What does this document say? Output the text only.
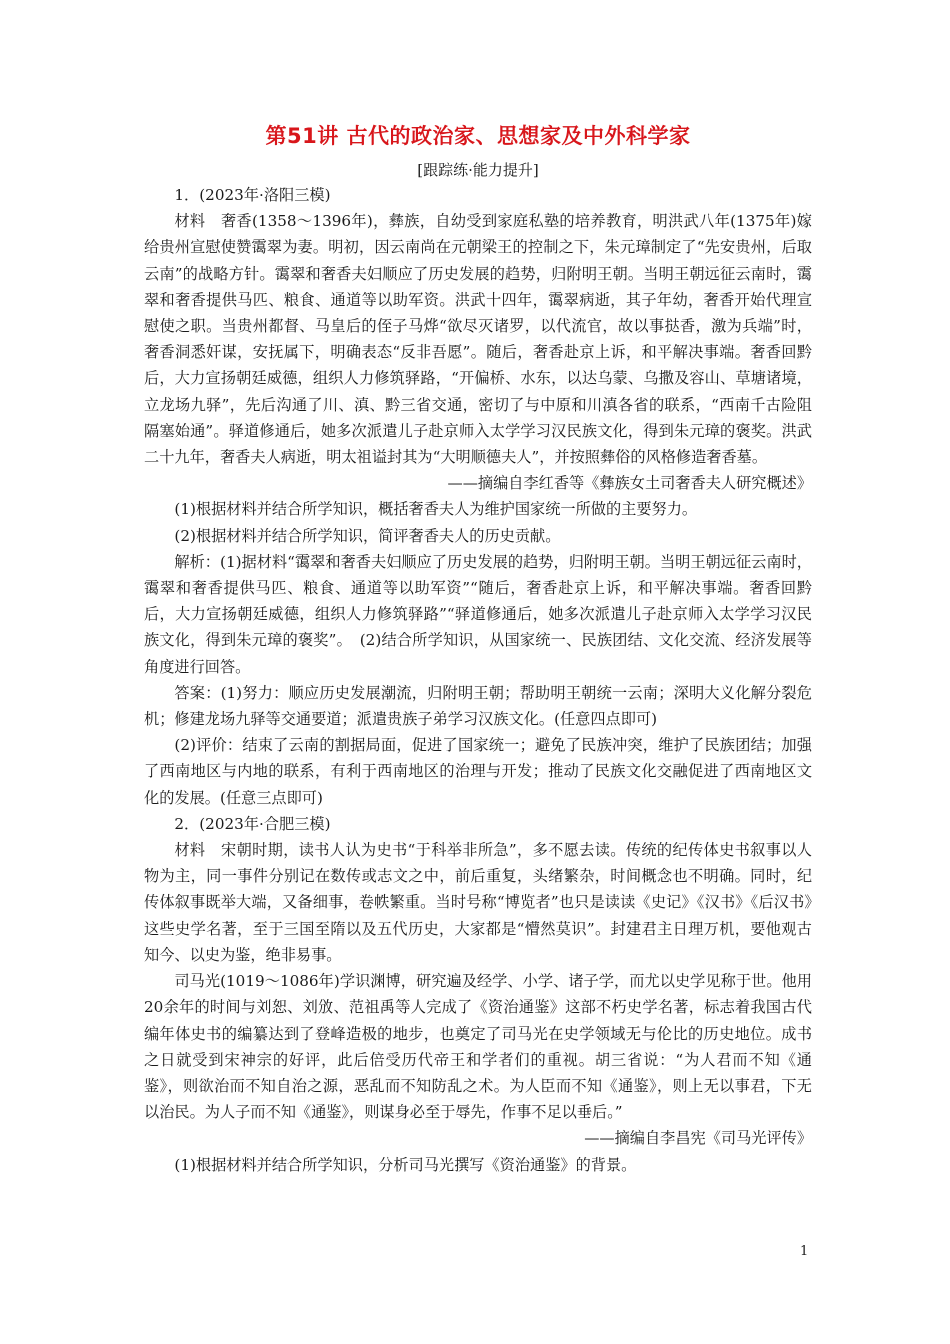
第51讲 古代的政治家、思想家及中外科学家
[跟踪练·能力提升]

1．(2023年·洛阳三模)

材料　奢香(1358～1396年)，彝族，自幼受到家庭私塾的培养教育，明洪武八年(1375年)嫁给贵州宣慰使赞霭翠为妻。明初，因云南尚在元朝梁王的控制之下，朱元璋制定了“先安贵州，后取云南”的战略方针。霭翠和奢香夫妇顺应了历史发展的趋势，归附明王朝。当明王朝远征云南时，霭翠和奢香提供马匹、粮食、通道等以助军资。洪武十四年，霭翠病逝，其子年幼，奢香开始代理宣慰使之职。当贵州都督、马皇后的侄子马烨“欲尽灭诸罗，以代流官，故以事挞香，激为兵端”时，奢香洞悉奸谋，安抚属下，明确表态“反非吾愿”。随后，奢香赴京上诉，和平解决事端。奢香回黔后，大力宣扬朝廷威德，组织人力修筑驿路，“开偏桥、水东，以达乌蒙、乌撒及容山、草塘诸境，立龙场九驿”，先后沟通了川、滇、黔三省交通，密切了与中原和川滇各省的联系，“西南千古险阻隔塞始通”。驿道修通后，她多次派遣儿子赴京师入太学学习汉民族文化，得到朱元璋的褒奖。洪武二十九年，奢香夫人病逝，明太祖谥封其为“大明顺德夫人”，并按照彝俗的风格修造奢香墓。

——摘编自李红香等《彝族女土司奢香夫人研究概述》

(1)根据材料并结合所学知识，概括奢香夫人为维护国家统一所做的主要努力。

(2)根据材料并结合所学知识，简评奢香夫人的历史贡献。

解析：(1)据材料“霭翠和奢香夫妇顺应了历史发展的趋势，归附明王朝。当明王朝远征云南时，霭翠和奢香提供马匹、粮食、通道等以助军资”“随后，奢香赴京上诉，和平解决事端。奢香回黔后，大力宣扬朝廷威德，组织人力修筑驿路”“驿道修通后，她多次派遣儿子赴京师入太学学习汉民族文化，得到朱元璋的褒奖”。　(2)结合所学知识，从国家统一、民族团结、文化交流、经济发展等角度进行回答。

答案：(1)努力：顺应历史发展潮流，归附明王朝；帮助明王朝统一云南；深明大义化解分裂危机；修建龙场九驿等交通要道；派遣贵族子弟学习汉族文化。(任意四点即可)

(2)评价：结束了云南的割据局面，促进了国家统一；避免了民族冲突，维护了民族团结；加强了西南地区与内地的联系，有利于西南地区的治理与开发；推动了民族文化交融促进了西南地区文化的发展。(任意三点即可)

2．(2023年·合肥三模)

材料　宋朝时期，读书人认为史书“于科举非所急”，多不愿去读。传统的纪传体史书叙事以人物为主，同一事件分别记在数传或志文之中，前后重复，头绪繁杂，时间概念也不明确。同时，纪传体叙事既举大端，又备细事，卷帙繁重。当时号称“博览者”也只是读读《史记》《汉书》《后汉书》这些史学名著，至于三国至隋以及五代历史，大家都是“懵然莫识”。封建君主日理万机，要他观古知今、以史为鉴，绝非易事。

司马光(1019～1086年)学识渊博，研究遍及经学、小学、诸子学，而尤以史学见称于世。他用20余年的时间与刘恕、刘攽、范祖禹等人完成了《资治通鉴》这部不朽史学名著，标志着我国古代编年体史书的编纂达到了登峰造极的地步，也奠定了司马光在史学领域无与伦比的历史地位。成书之日就受到宋神宗的好评，此后倍受历代帝王和学者们的重视。胡三省说：“为人君而不知《通鉴》，则欲治而不知自治之源，恶乱而不知防乱之术。为人臣而不知《通鉴》，则上无以事君，下无以治民。为人子而不知《通鉴》，则谋身必至于辱先，作事不足以垂后。”

——摘编自李昌宪《司马光评传》

(1)根据材料并结合所学知识，分析司马光撰写《资治通鉴》的背景。

1
